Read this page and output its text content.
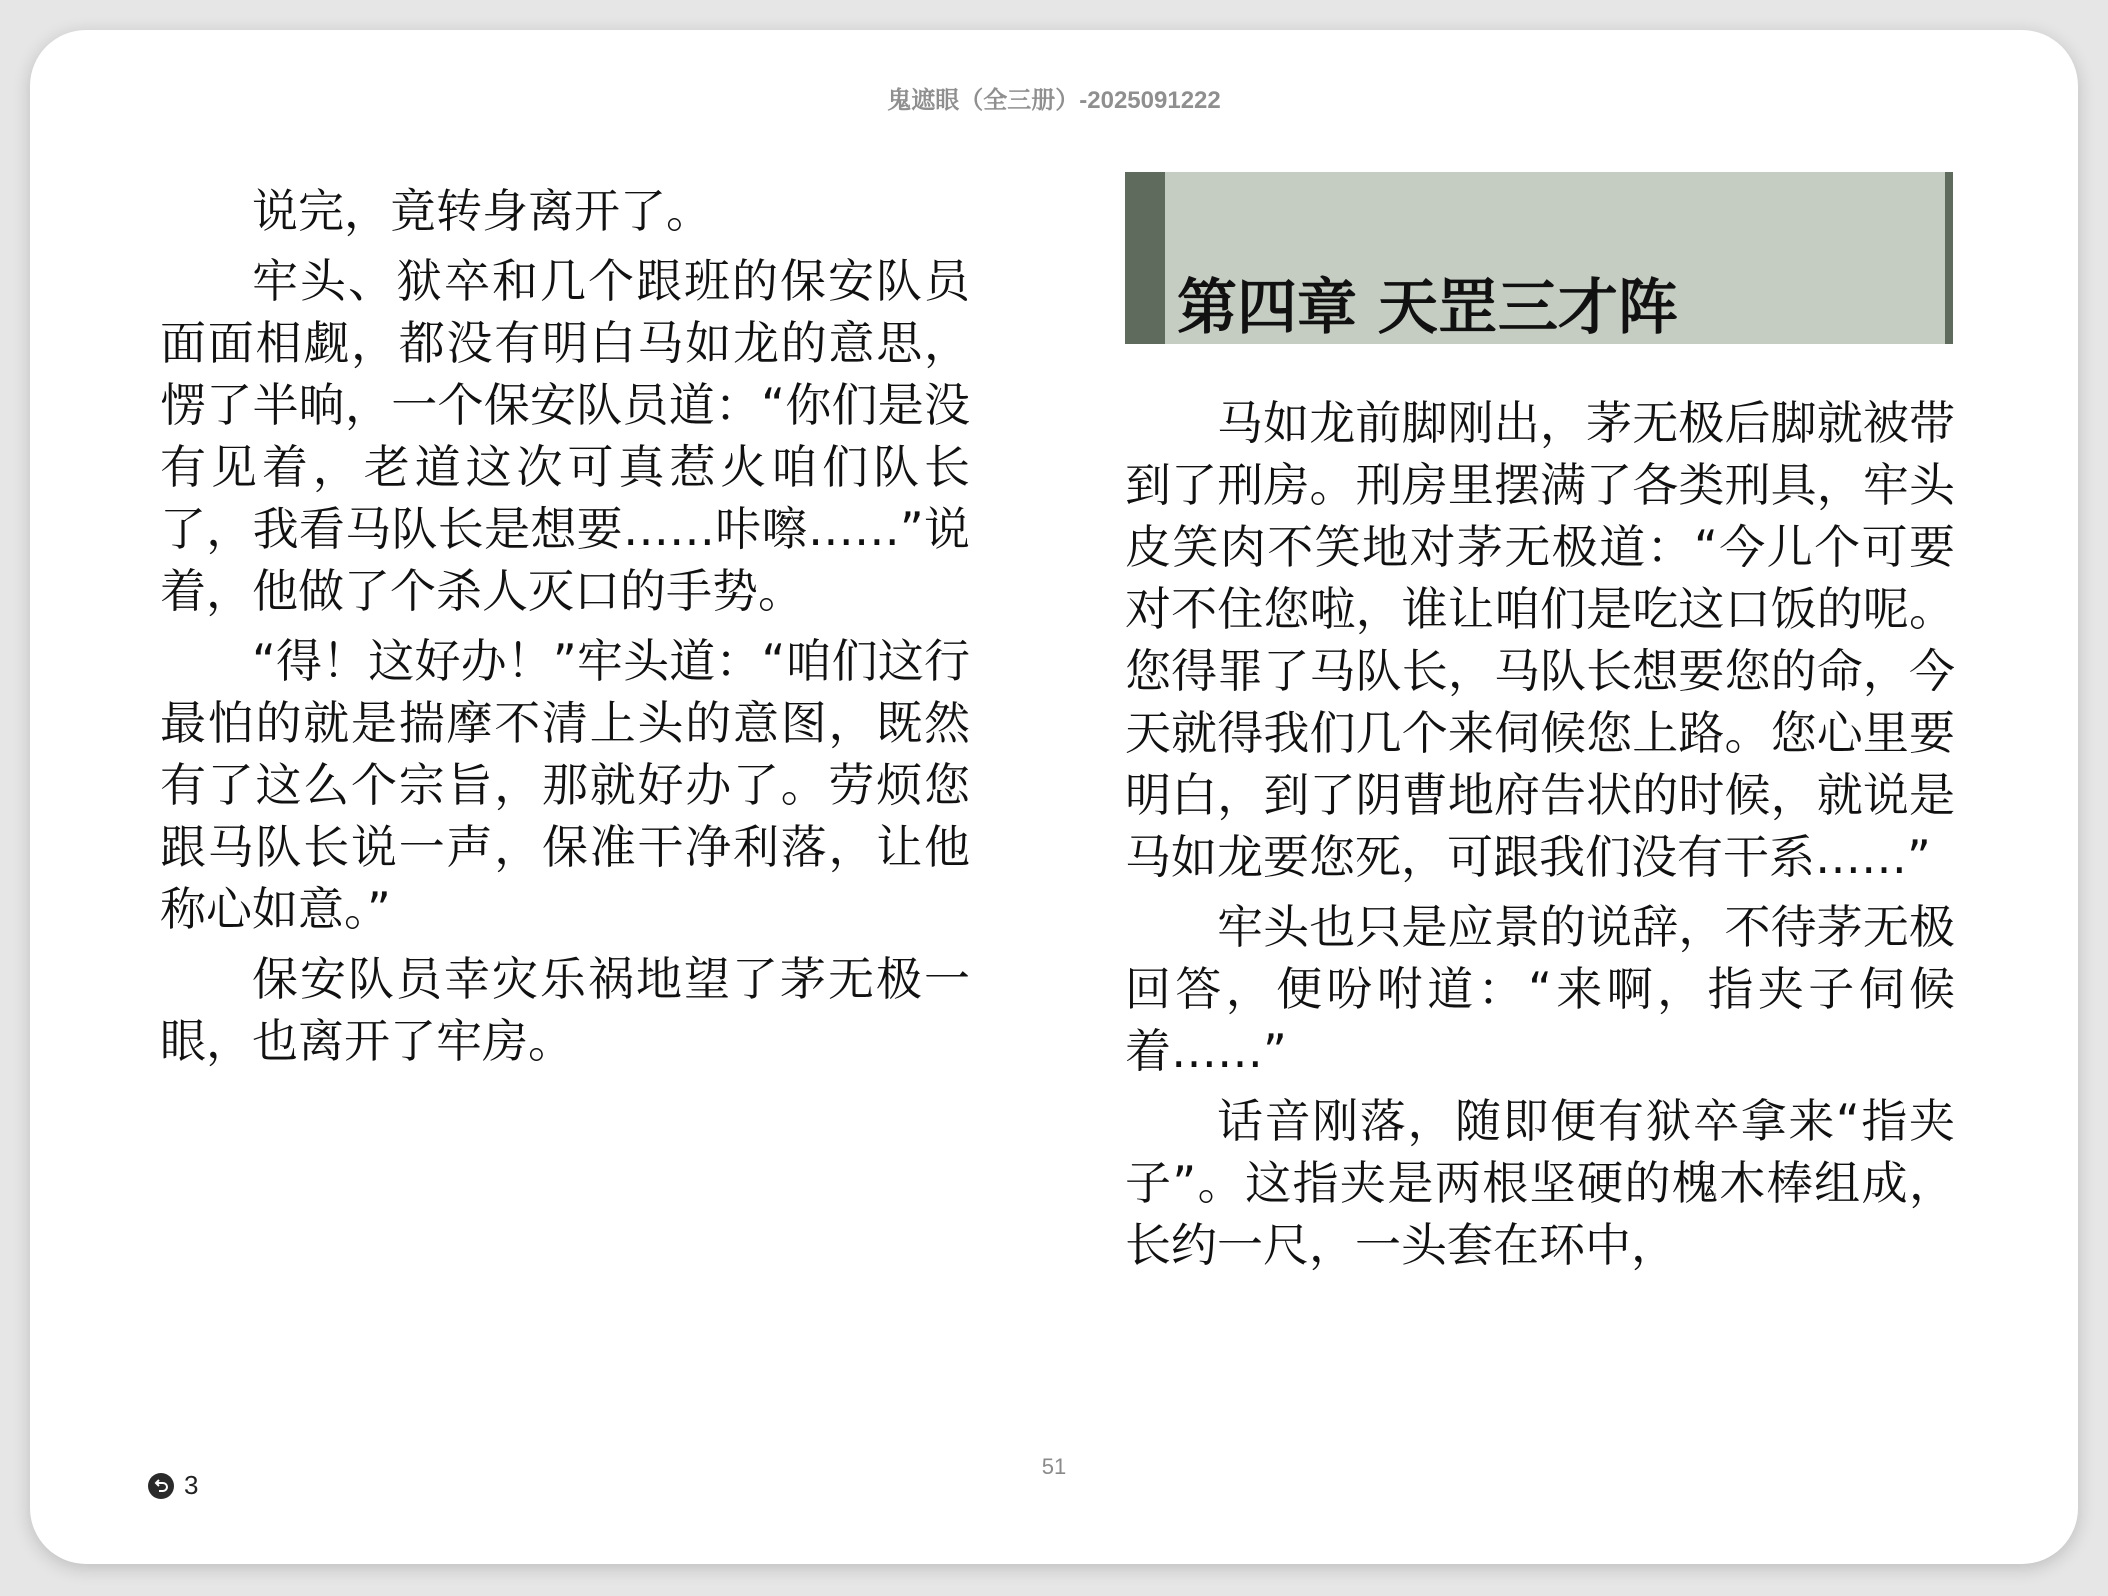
鬼遮眼（全三册）-2025091222

说完，竟转身离开了。

牢头、狱卒和几个跟班的保安队员面面相觑，都没有明白马如龙的意思，愣了半晌，一个保安队员道：“你们是没有见着，老道这次可真惹火咱们队长了，我看马队长是想要……咔嚓……”说着，他做了个杀人灭口的手势。

“得！这好办！”牢头道：“咱们这行最怕的就是揣摩不清上头的意图，既然有了这么个宗旨，那就好办了。劳烦您跟马队长说一声，保准干净利落，让他称心如意。”

保安队员幸灾乐祸地望了茅无极一眼，也离开了牢房。

第四章 天罡三才阵

马如龙前脚刚出，茅无极后脚就被带到了刑房。刑房里摆满了各类刑具，牢头皮笑肉不笑地对茅无极道：“今儿个可要对不住您啦，谁让咱们是吃这口饭的呢。您得罪了马队长，马队长想要您的命，今天就得我们几个来伺候您上路。您心里要明白，到了阴曹地府告状的时候，就说是马如龙要您死，可跟我们没有干系……”

牢头也只是应景的说辞，不待茅无极回答，便吩咐道：“来啊，指夹子伺候着……”

话音刚落，随即便有狱卒拿来“指夹子”。这指夹是两根坚硬的槐木棒组成，长约一尺，一头套在环中，

51
3
